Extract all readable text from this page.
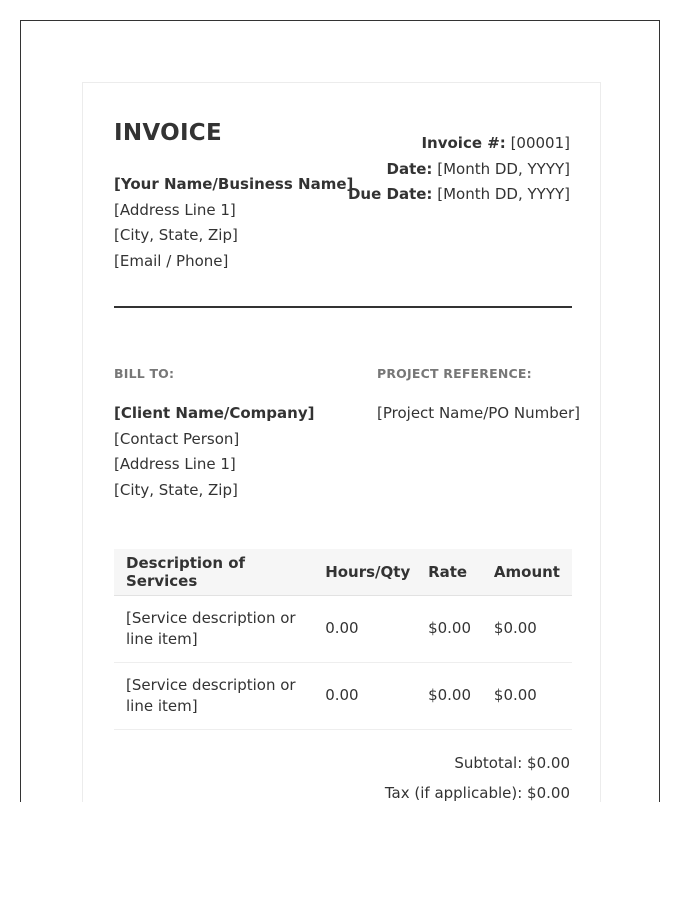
INVOICE
[Your Name/Business Name]
[Address Line 1]
[City, State, Zip]
[Email / Phone]
Invoice #: [00001]
Date: [Month DD, YYYY]
Due Date: [Month DD, YYYY]
BILL TO:	PROJECT REFERENCE:
[Client Name/Company]
[Contact Person]
[Address Line 1]
[City, State, Zip]
[Project Name/PO Number]
Description of Services	Hours/Qty	Rate	Amount
[Service description or line item]	0.00	$0.00	$0.00
[Service description or line item]	0.00	$0.00	$0.00
Subtotal: $0.00
Tax (if applicable): $0.00
